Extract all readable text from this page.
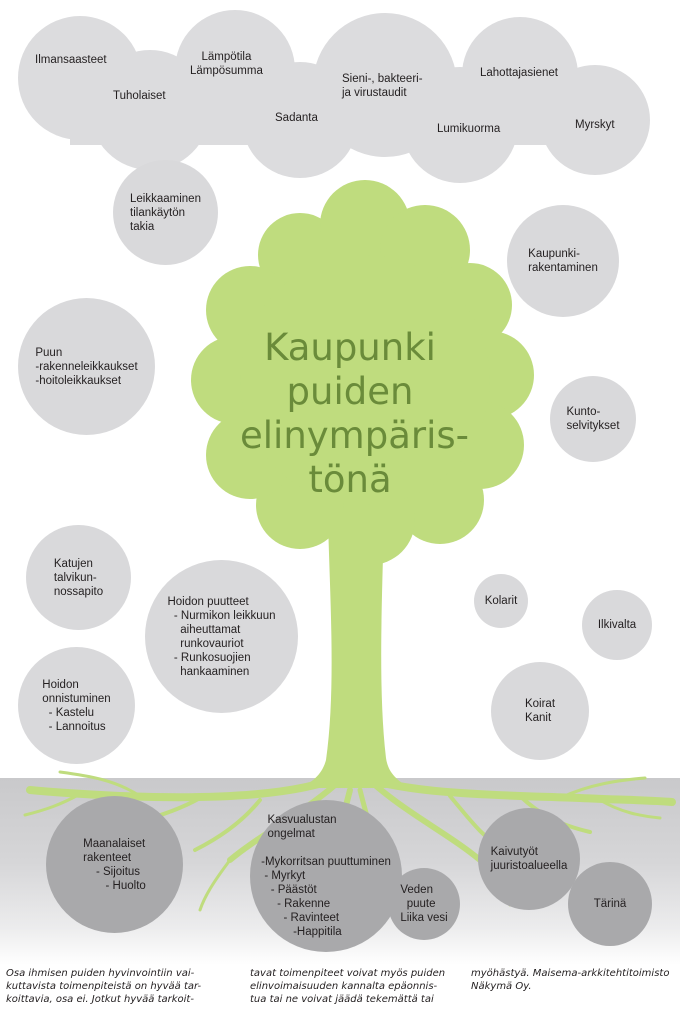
Ilmansaasteet
Tuholaiset
Lämpötila
Lämpösumma
Sadanta
Sieni-, bakteeri-
ja virustaudit
Lumikuorma
Lahottajasienet
Myrskyt
Kaupunki
puiden
elinympäris-
tönä
Leikkaaminen
tilankäytön
takia
Puun
-rakenneleikkaukset
-hoitoleikkaukset
Katujen
talvikun-
nossapito
Hoidon puutteet
- Nurmikon leikkuun
aiheuttamat
runkovauriot
- Runkosuojien
hankaaminen
Hoidon
onnistuminen
- Kastelu
- Lannoitus
Kaupunki-
rakentaminen
Kunto-
selvitykset
Kolarit
Ilkivalta
Koirat
Kanit
Maanalaiset
rakenteet
- Sijoitus
- Huolto
Kasvualustan
ongelmat

-Mykorritsan puuttuminen
- Myrkyt
- Päästöt
- Rakenne
- Ravinteet
-Happitila
Veden
puute
Liika vesi
Kaivutyöt
juuristoalueella
Tärinä
Osa ihmisen puiden hyvinvointiin vai-
kuttavista toimenpiteistä on hyvää tar-
koittavia, osa ei. Jotkut hyvää tarkoit-
tavat toimenpiteet voivat myös puiden
elinvoimaisuuden kannalta epäonnis-
tua tai ne voivat jäädä tekemättä tai
myöhästyä. Maisema-arkkitehtitoimisto
Näkymä Oy.
